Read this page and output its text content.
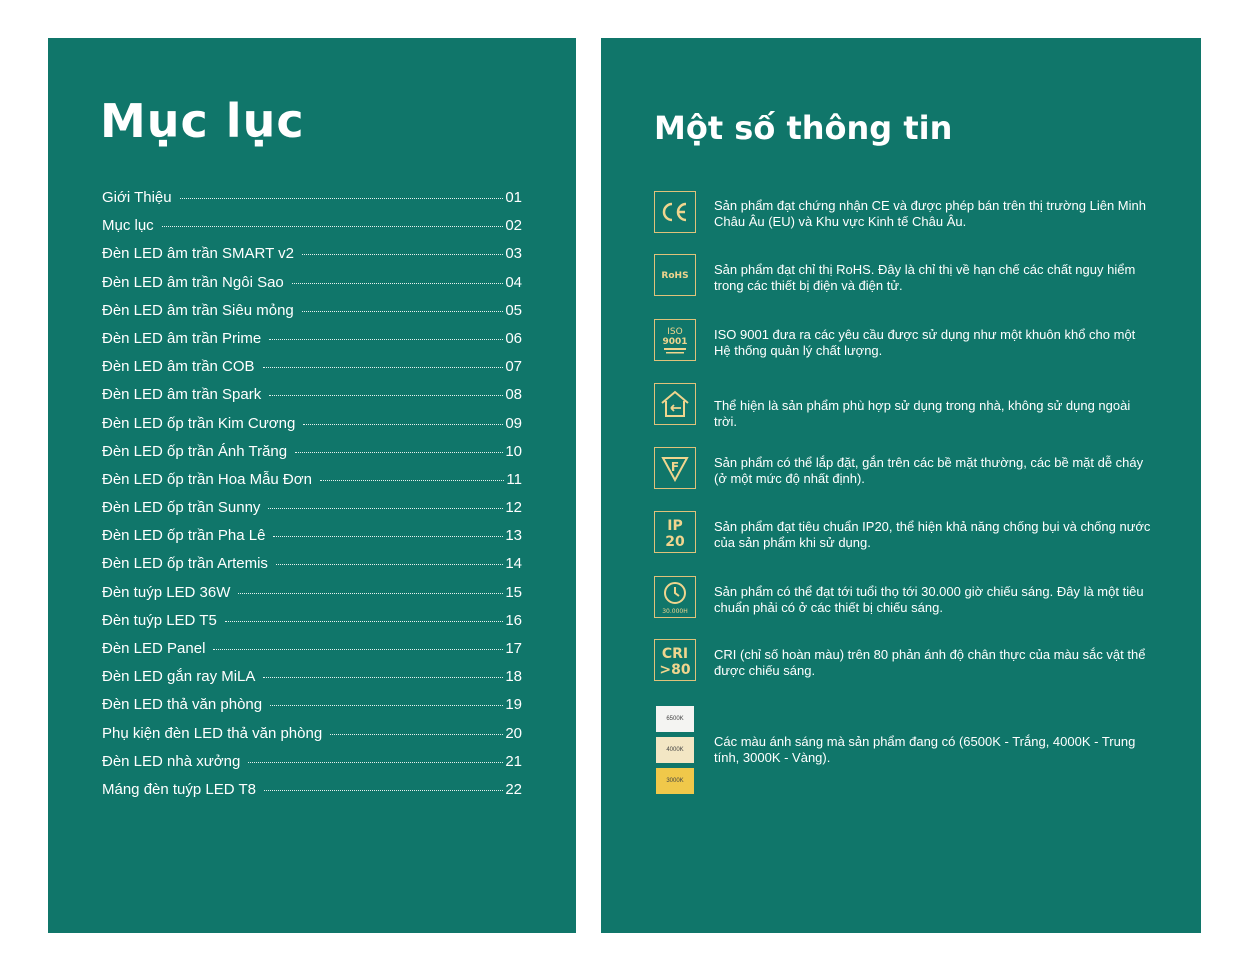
Mục lục
Giới Thiệu	01
Mục lục	02
Đèn LED âm trần SMART v2	03
Đèn LED âm trần Ngôi Sao	04
Đèn LED âm trần Siêu mỏng	05
Đèn LED âm trần Prime	06
Đèn LED âm trần COB	07
Đèn LED âm trần Spark	08
Đèn LED ốp trần Kim Cương	09
Đèn LED ốp trần Ánh Trăng	10
Đèn LED ốp trần Hoa Mẫu Đơn	11
Đèn LED ốp trần Sunny	12
Đèn LED ốp trần Pha Lê	13
Đèn LED ốp trần Artemis	14
Đèn tuýp LED 36W	15
Đèn tuýp LED T5	16
Đèn LED Panel	17
Đèn LED gắn ray MiLA	18
Đèn LED thả văn phòng	19
Phụ kiện đèn LED thả văn phòng	20
Đèn LED nhà xưởng	21
Máng đèn tuýp LED T8	22
Một số thông tin

Sản phẩm đạt chứng nhận CE và được phép bán trên thị trường Liên Minh Châu Âu (EU) và Khu vực Kinh tế Châu Âu.

RoHS Sản phẩm đạt chỉ thị RoHS. Đây là chỉ thị về hạn chế các chất nguy hiểm trong các thiết bị điện và điện tử.

ISO
9001 ISO 9001 đưa ra các yêu cầu được sử dụng như một khuôn khổ cho một Hệ thống quản lý chất lượng.

Thể hiện là sản phẩm phù hợp sử dụng trong nhà, không sử dụng ngoài trời.

F	Sản phẩm có thể lắp đặt, gắn trên các bề mặt thường, các bề mặt dễ cháy (ở một mức độ nhất định).

IP
20

Sản phẩm đạt tiêu chuẩn IP20, thể hiện khả năng chống bụi và chống nước của sản phẩm khi sử dụng.

30.000H

Sản phẩm có thể đạt tới tuổi thọ tới 30.000 giờ chiếu sáng. Đây là một tiêu chuẩn phải có ở các thiết bị chiếu sáng.

CRI
>80

CRI (chỉ số hoàn màu) trên 80 phản ánh độ chân thực của màu sắc vật thể được chiếu sáng.

6500K
4000K
3000K

Các màu ánh sáng mà sản phẩm đang có (6500K - Trắng, 4000K - Trung tính, 3000K - Vàng).
